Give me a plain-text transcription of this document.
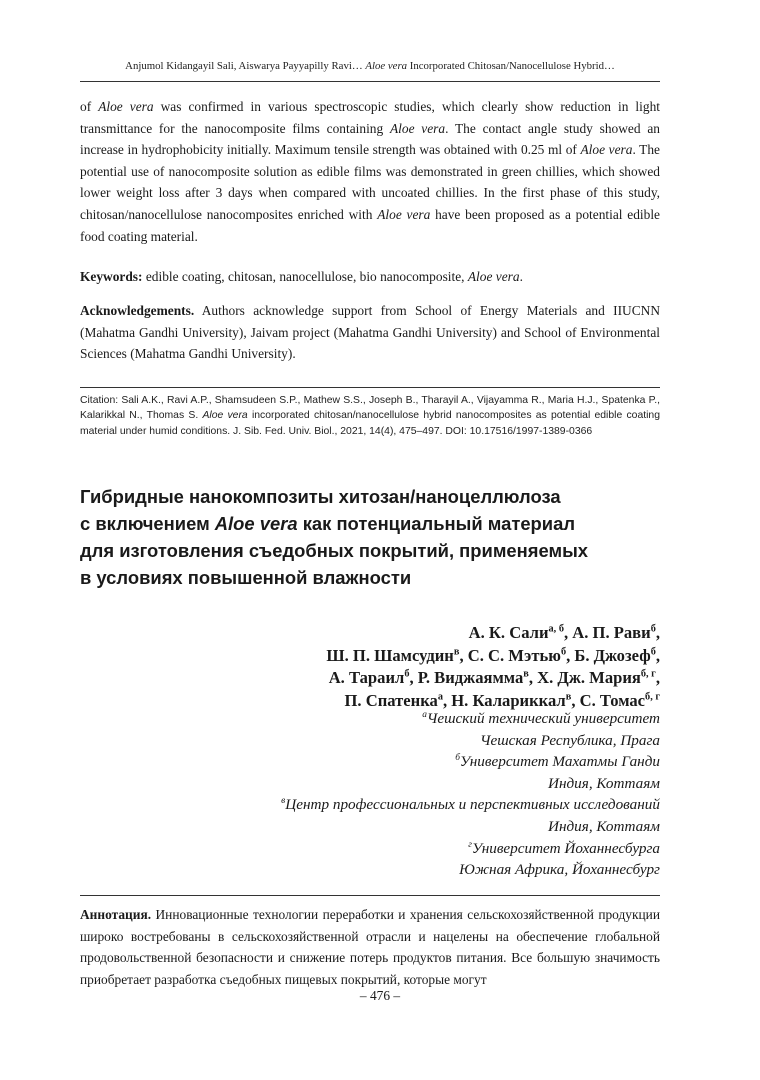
Anjumol Kidangayil Sali, Aiswarya Payyapilly Ravi… Aloe vera Incorporated Chitosan/Nanocellulose Hybrid…

of Aloe vera was confirmed in various spectroscopic studies, which clearly show reduction in light transmittance for the nanocomposite films containing Aloe vera. The contact angle study showed an increase in hydrophobicity initially. Maximum tensile strength was obtained with 0.25 ml of Aloe vera. The potential use of nanocomposite solution as edible films was demonstrated in green chillies, which showed lower weight loss after 3 days when compared with uncoated chillies. In the first phase of this study, chitosan/nanocellulose nanocomposites enriched with Aloe vera have been proposed as a potential edible food coating material.

Keywords: edible coating, chitosan, nanocellulose, bio nanocomposite, Aloe vera.

Acknowledgements. Authors acknowledge support from School of Energy Materials and IIUCNN (Mahatma Gandhi University), Jaivam project (Mahatma Gandhi University) and School of Environmental Sciences (Mahatma Gandhi University).

Citation: Sali A.K., Ravi A.P., Shamsudeen S.P., Mathew S.S., Joseph B., Tharayil A., Vijayamma R., Maria H.J., Spatenka P., Kalarikkal N., Thomas S. Aloe vera incorporated chitosan/nanocellulose hybrid nanocomposites as potential edible coating material under humid conditions. J. Sib. Fed. Univ. Biol., 2021, 14(4), 475–497. DOI: 10.17516/1997-1389-0366

Гибридные нанокомпозиты хитозан/наноцеллюлоза
с включением Aloe vera как потенциальный материал
для изготовления съедобных покрытий, применяемых
в условиях повышенной влажности
А. К. Сали$^{а, б}$, А. П. Рави$^б$,
Ш. П. Шамсудин$^в$, С. С. Мэтью$^б$, Б. Джозеф$^б$,
А. Тараил$^б$, Р. Виджаямма$^в$, Х. Дж. Мария$^{б, г}$,
П. Спатенка$^а$, Н. Калариккал$^в$, С. Томас$^{б, г}$
$^а$Чешский технический университет
Чешская Республика, Прага
$^б$Университет Махатмы Ганди
Индия, Коттаям
$^в$Центр профессиональных и перспективных исследований
Индия, Коттаям
$^г$Университет Йоханнесбурга
Южная Африка, Йоханнесбург

Аннотация. Инновационные технологии переработки и хранения сельскохозяйственной продукции широко востребованы в сельскохозяйственной отрасли и нацелены на обеспечение глобальной продовольственной безопасности и снижение потерь продуктов питания. Все большую значимость приобретает разработка съедобных пищевых покрытий, которые могут

– 476 –
